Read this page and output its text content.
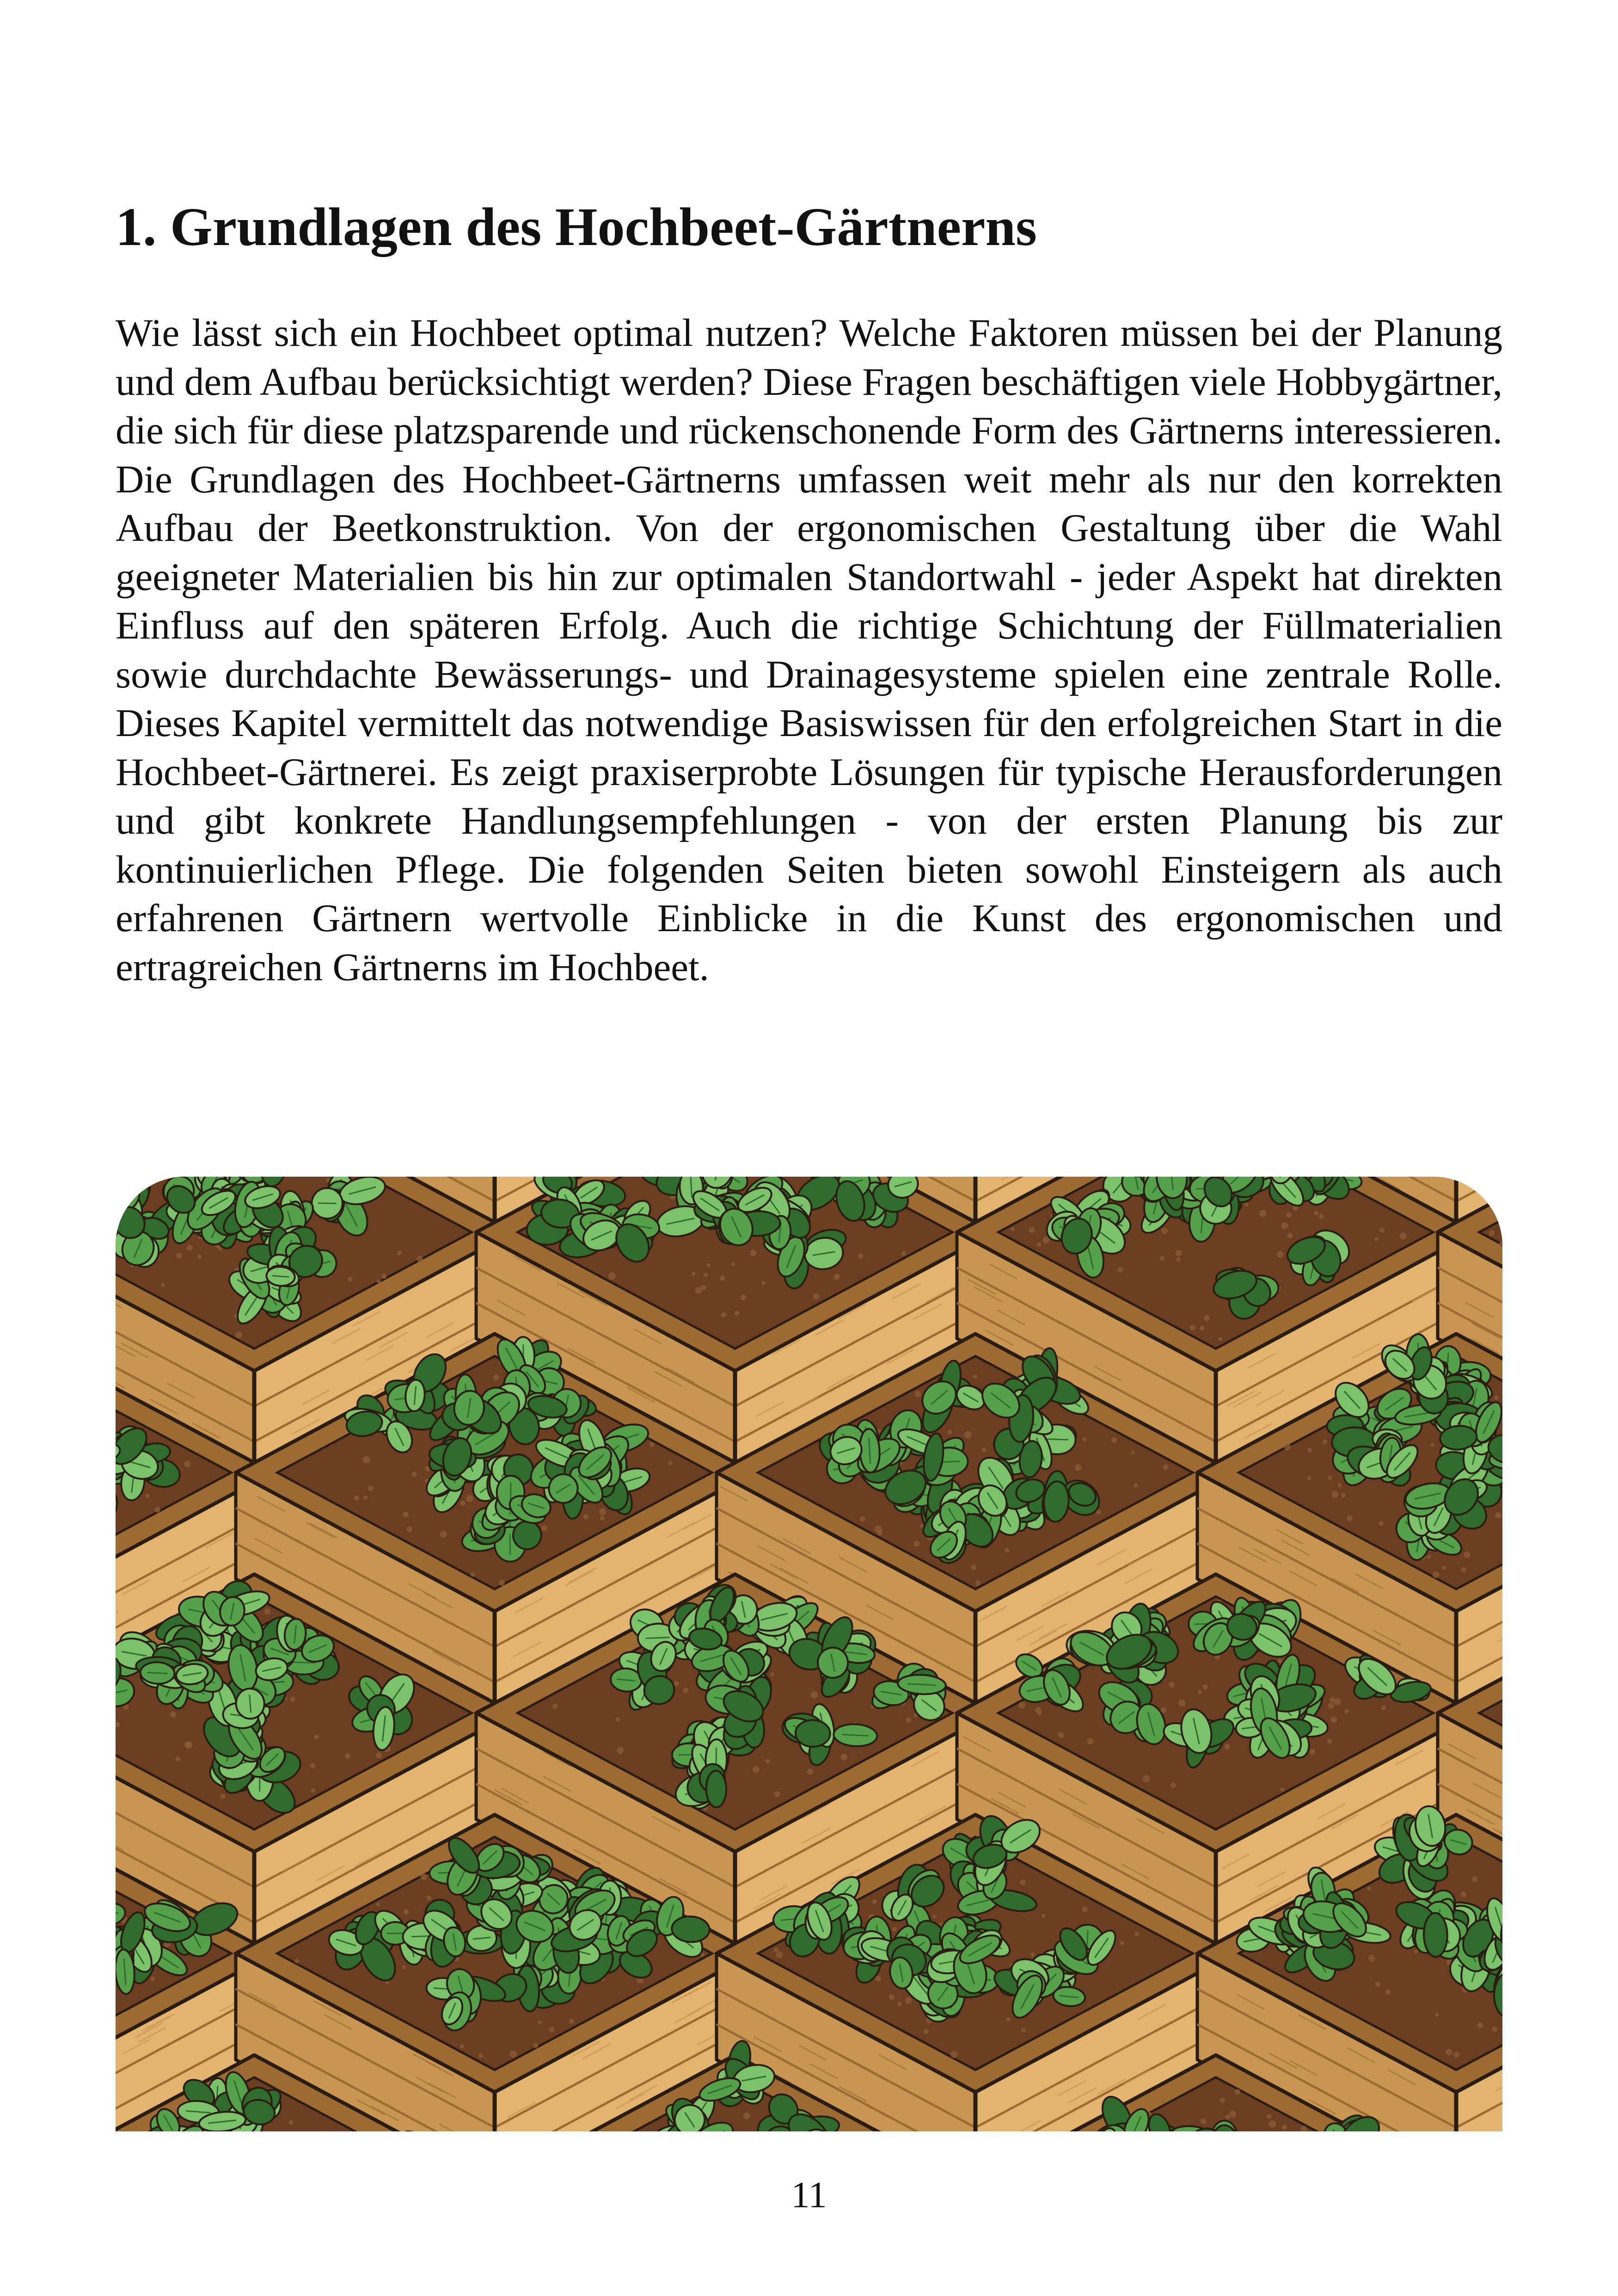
1. Grundlagen des Hochbeet-Gärtnerns

Wie lässt sich ein Hochbeet optimal nutzen? Welche Faktoren müssen bei der Planung und dem Aufbau berücksichtigt werden? Diese Fragen beschäftigen viele Hobbygärtner, die sich für diese platzsparende und rückenschonende Form des Gärtnerns interessieren. Die Grundlagen des Hochbeet-Gärtnerns umfassen weit mehr als nur den korrekten Aufbau der Beetkonstruktion. Von der ergonomischen Gestaltung über die Wahl geeigneter Materialien bis hin zur optimalen Standortwahl - jeder Aspekt hat direkten Einfluss auf den späteren Erfolg. Auch die richtige Schichtung der Füllmaterialien sowie durchdachte Bewässerungs- und Drainagesysteme spielen eine zentrale Rolle. Dieses Kapitel vermittelt das notwendige Basiswissen für den erfolgreichen Start in die Hochbeet-Gärtnerei. Es zeigt praxiserprobte Lösungen für typische Herausforderungen und gibt konkrete Handlungsempfehlungen - von der ersten Planung bis zur kontinuierlichen Pflege. Die folgenden Seiten bieten sowohl Einsteigern als auch erfahrenen Gärtnern wertvolle Einblicke in die Kunst des ergonomischen und ertragreichen Gärtnerns im Hochbeet.

11
